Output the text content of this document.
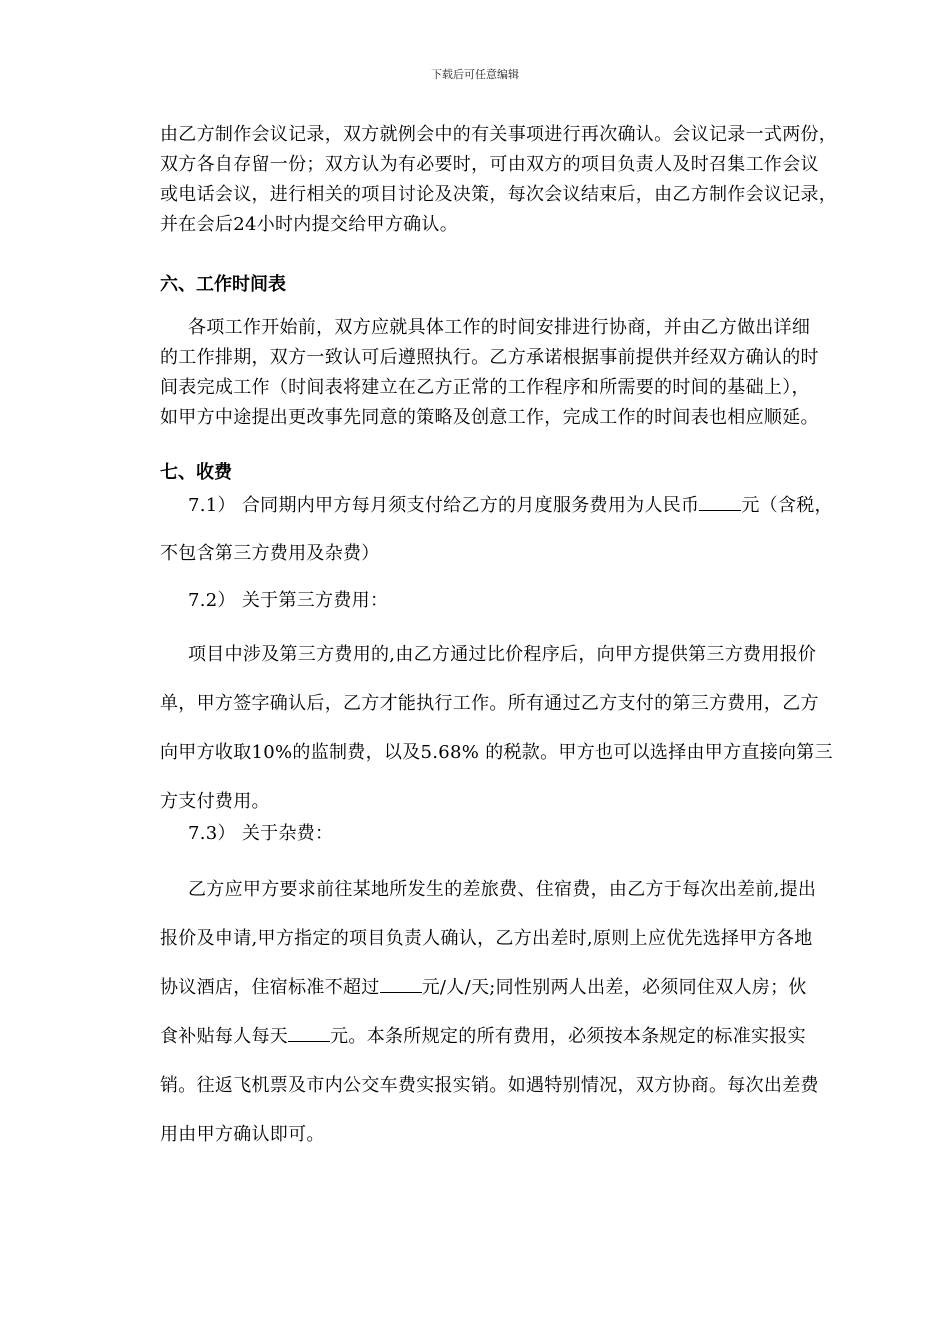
下载后可任意编辑
由乙方制作会议记录，双方就例会中的有关事项进行再次确认。会议记录一式两份，
双方各自存留一份；双方认为有必要时，可由双方的项目负责人及时召集工作会议
或电话会议，进行相关的项目讨论及决策，每次会议结束后，由乙方制作会议记录，
并在会后24小时内提交给甲方确认。
六、工作时间表
各项工作开始前，双方应就具体工作的时间安排进行协商，并由乙方做出详细
的工作排期，双方一致认可后遵照执行。乙方承诺根据事前提供并经双方确认的时
间表完成工作（时间表将建立在乙方正常的工作程序和所需要的时间的基础上），
如甲方中途提出更改事先同意的策略及创意工作，完成工作的时间表也相应顺延。
七、收费
7.1） 合同期内甲方每月须支付给乙方的月度服务费用为人民币 元（含税，
不包含第三方费用及杂费）
7.2） 关于第三方费用：
项目中涉及第三方费用的,由乙方通过比价程序后，向甲方提供第三方费用报价
单，甲方签字确认后，乙方才能执行工作。所有通过乙方支付的第三方费用，乙方
向甲方收取10%的监制费，以及5.68% 的税款。甲方也可以选择由甲方直接向第三
方支付费用。
7.3） 关于杂费：
乙方应甲方要求前往某地所发生的差旅费、住宿费，由乙方于每次出差前,提出
报价及申请,甲方指定的项目负责人确认，乙方出差时,原则上应优先选择甲方各地
协议酒店，住宿标准不超过 元/人/天;同性别两人出差，必须同住双人房；伙
食补贴每人每天 元。本条所规定的所有费用，必须按本条规定的标准实报实
销。往返飞机票及市内公交车费实报实销。如遇特别情况，双方协商。每次出差费
用由甲方确认即可。
